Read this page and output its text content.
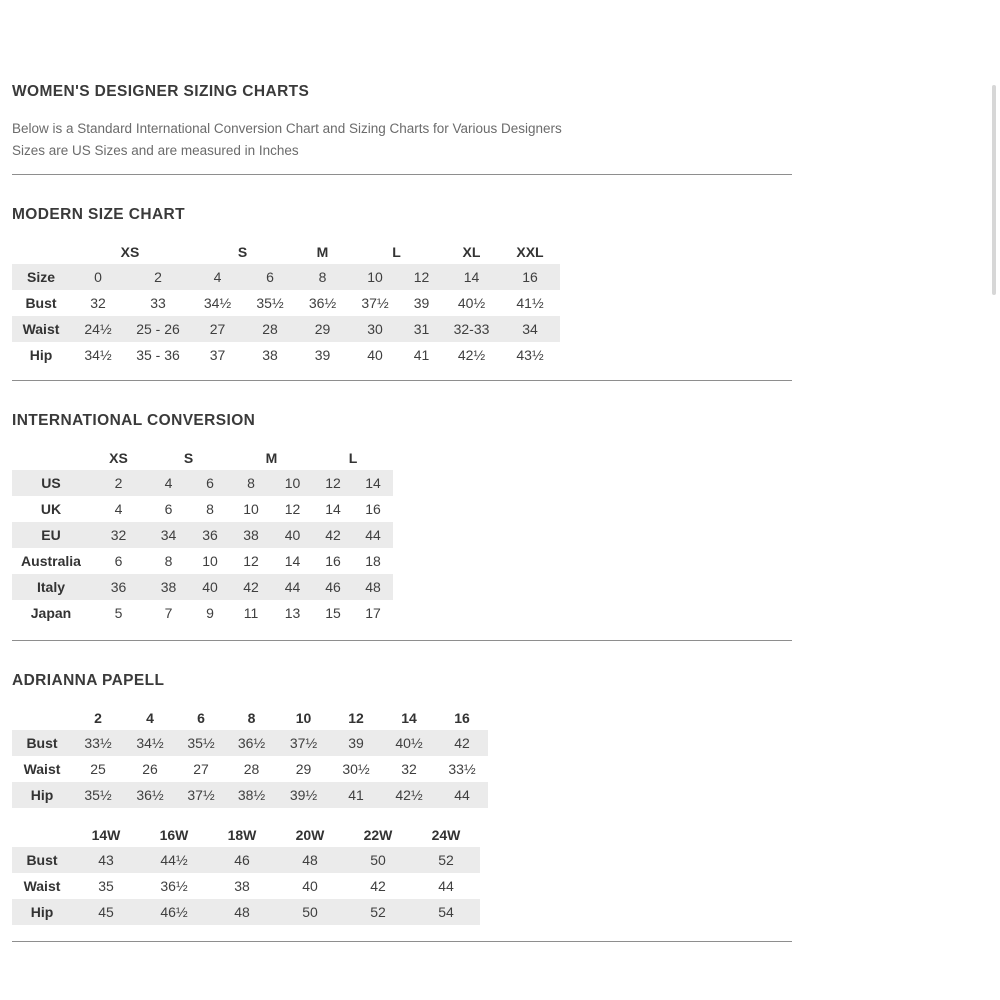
WOMEN'S DESIGNER SIZING CHARTS

Below is a Standard International Conversion Chart and Sizing Charts for Various Designers
Sizes are US Sizes and are measured in Inches

MODERN SIZE CHART
	XS		S		M	L		XL	XXL
Size	0	2	4	6	8	10	12	14	16
Bust	32	33	34½	35½	36½	37½	39	40½	41½
Waist	24½	25 - 26	27	28	29	30	31	32-33	34
Hip	34½	35 - 36	37	38	39	40	41	42½	43½
INTERNATIONAL CONVERSION
	XS	S		M		L	
US	2	4	6	8	10	12	14
UK	4	6	8	10	12	14	16
EU	32	34	36	38	40	42	44
Australia	6	8	10	12	14	16	18
Italy	36	38	40	42	44	46	48
Japan	5	7	9	11	13	15	17
ADRIANNA PAPELL
	2	4	6	8	10	12	14	16
Bust	33½	34½	35½	36½	37½	39	40½	42
Waist	25	26	27	28	29	30½	32	33½
Hip	35½	36½	37½	38½	39½	41	42½	44
	14W	16W	18W	20W	22W	24W
Bust	43	44½	46	48	50	52
Waist	35	36½	38	40	42	44
Hip	45	46½	48	50	52	54
